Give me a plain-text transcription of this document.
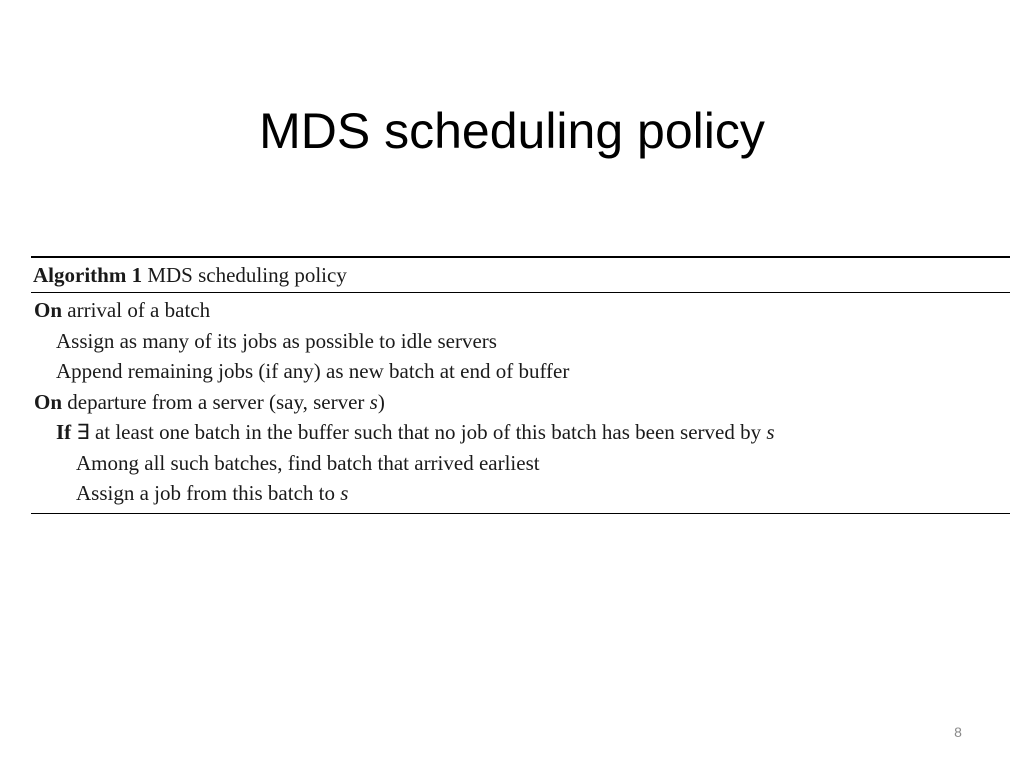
MDS scheduling policy
Algorithm 1 MDS scheduling policy
On arrival of a batch
Assign as many of its jobs as possible to idle servers
Append remaining jobs (if any) as new batch at end of buffer
On departure from a server (say, server s)
If ∃ at least one batch in the buffer such that no job of this batch has been served by s
Among all such batches, find batch that arrived earliest
Assign a job from this batch to s
8
